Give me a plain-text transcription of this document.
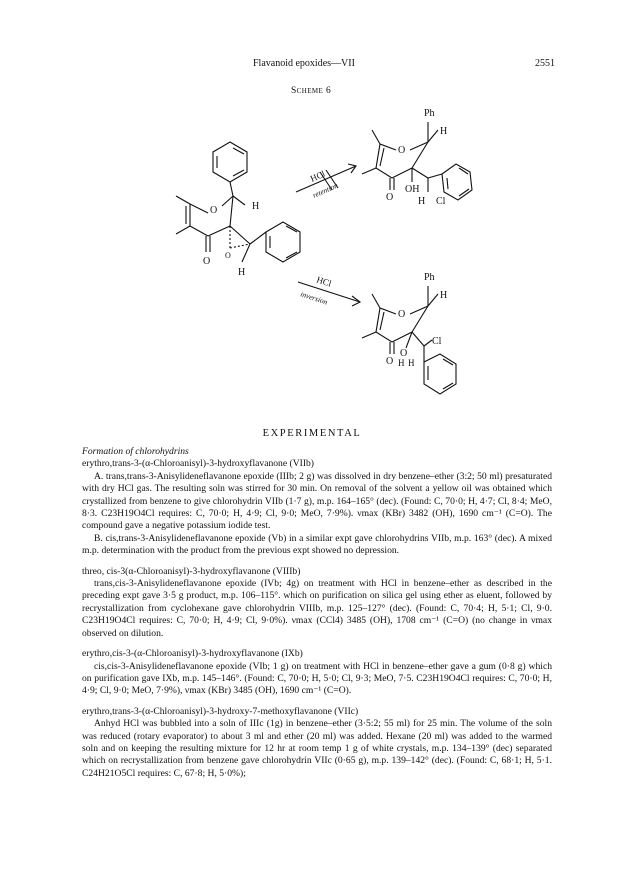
Flavanoid epoxides—VII	2551
Scheme 6
O	H
O
O
H
HCl
retention
Ph
H
O
O
OH
H Cl
HCl
inversion
Ph
H
O
O
O
Cl
H H
EXPERIMENTAL

Formation of chlorohydrins

erythro,trans-3-(α-Chloroanisyl)-3-hydroxyflavanone (VIIb)

A. trans,trans-3-Anisylideneflavanone epoxide (IIIb; 2 g) was dissolved in dry benzene–ether (3:2; 50 ml) presaturated with dry HCl gas. The resulting soln was stirred for 30 min. On removal of the solvent a yellow oil was obtained which crystallized from benzene to give chlorohydrin VIIb (1·7 g), m.p. 164–165° (dec). (Found: C, 70·0; H, 4·7; Cl, 8·4; MeO, 8·3. C23H19O4Cl requires: C, 70·0; H, 4·9; Cl, 9·0; MeO, 7·9%). νmax (KBr) 3482 (OH), 1690 cm⁻¹ (C=O). The compound gave a negative potassium iodide test.

B. cis,trans-3-Anisylideneflavanone epoxide (Vb) in a similar expt gave chlorohydrins VIIb, m.p. 163° (dec). A mixed m.p. determination with the product from the previous expt showed no depression.

threo, cis-3(α-Chloroanisyl)-3-hydroxyflavanone (VIIIb)

trans,cis-3-Anisylideneflavanone epoxide (IVb; 4g) on treatment with HCl in benzene–ether as described in the preceding expt gave 3·5 g product, m.p. 106–115°. which on purification on silica gel using ether as eluent, followed by recrystallization from cyclohexane gave chlorohydrin VIIIb, m.p. 125–127° (dec). (Found: C, 70·4; H, 5·1; Cl, 9·0. C23H19O4Cl requires: C, 70·0; H, 4·9; Cl, 9·0%). νmax (CCl4) 3485 (OH), 1708 cm⁻¹ (C=O) (no change in νmax observed on dilution.

erythro,cis-3-(α-Chloroanisyl)-3-hydroxyflavanone (IXb)

cis,cis-3-Anisylideneflavanone epoxide (VIb; 1 g) on treatment with HCl in benzene–ether gave a gum (0·8 g) which on purification gave IXb, m.p. 145–146°. (Found: C, 70·0; H, 5·0; Cl, 9·3; MeO, 7·5. C23H19O4Cl requires: C, 70·0; H, 4·9; Cl, 9·0; MeO, 7·9%), νmax (KBr) 3485 (OH), 1690 cm⁻¹ (C=O).

erythro,trans-3-(α-Chloroanisyl)-3-hydroxy-7-methoxyflavanone (VIIc)

Anhyd HCl was bubbled into a soln of IIIc (1g) in benzene–ether (3·5:2; 55 ml) for 25 min. The volume of the soln was reduced (rotary evaporator) to about 3 ml and ether (20 ml) was added. Hexane (20 ml) was added to the warmed soln and on keeping the resulting mixture for 12 hr at room temp 1 g of white crystals, m.p. 134–139° (dec) separated which on recrystallization from benzene gave chlorohydrin VIIc (0·65 g), m.p. 139–142° (dec). (Found: C, 68·1; H, 5·1. C24H21O5Cl requires: C, 67·8; H, 5·0%);
